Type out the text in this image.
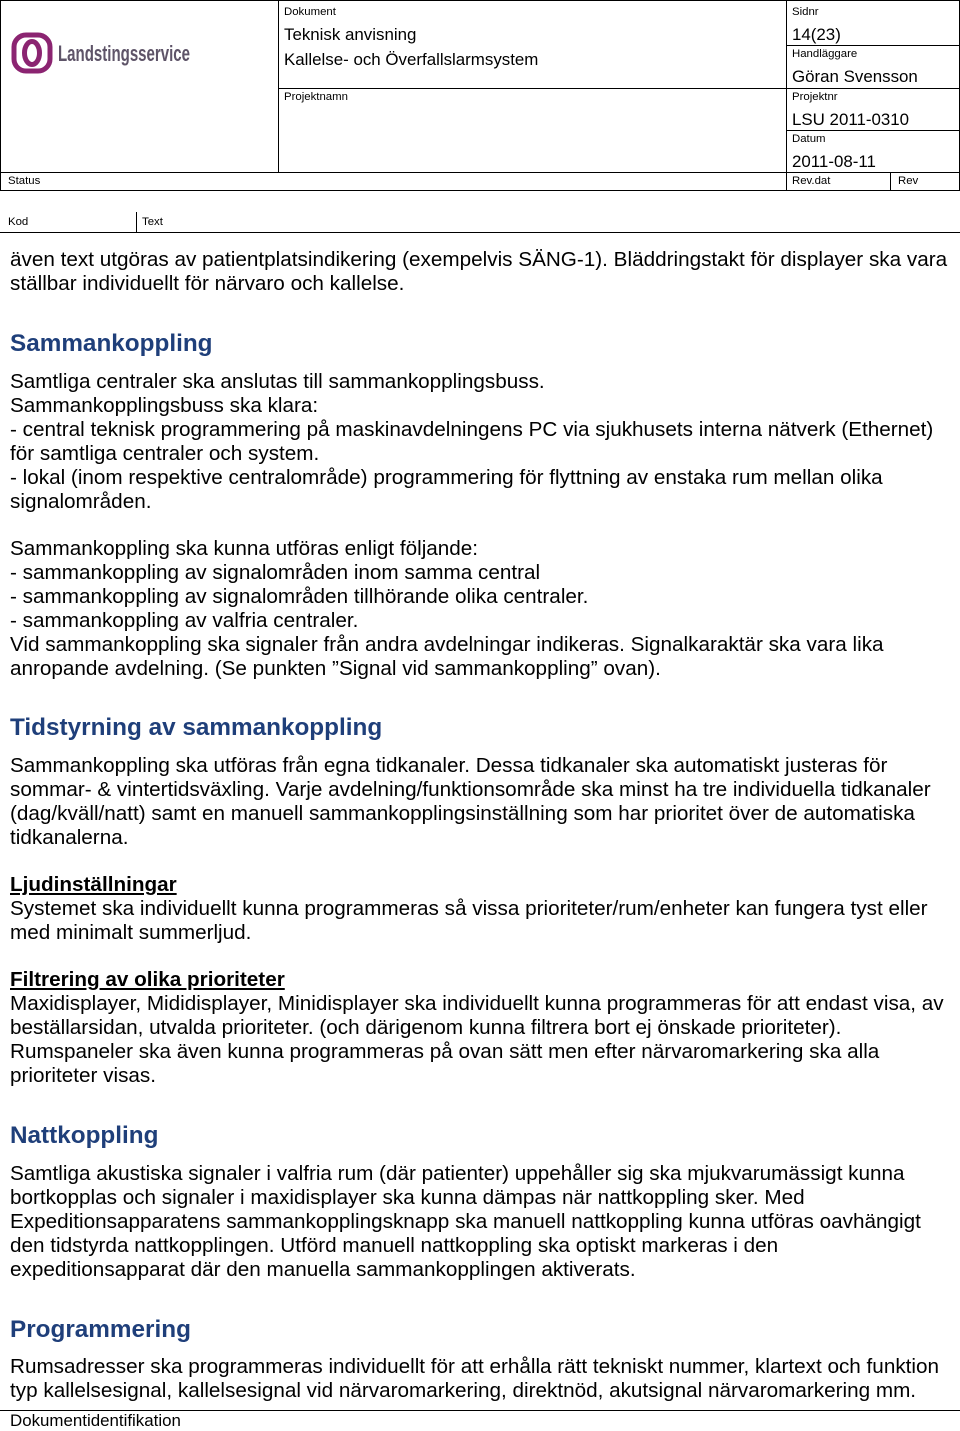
Landstingsservice
Dokument
Teknisk anvisning
Kallelse- och Överfallslarmsystem
Projektnamn
Sidnr
14(23)
Handläggare
Göran Svensson
Projektnr
LSU 2011-0310
Datum
2011-08-11
Status	Rev.dat	Rev
Kod	Text
även text utgöras av patientplatsindikering (exempelvis SÄNG-1). Bläddringstakt för displayer ska vara
ställbar individuellt för närvaro och kallelse.
Sammankoppling
Samtliga centraler ska anslutas till sammankopplingsbuss.
Sammankopplingsbuss ska klara:
- central teknisk programmering på maskinavdelningens PC via sjukhusets interna nätverk (Ethernet)
för samtliga centraler och system.
- lokal (inom respektive centralområde) programmering för flyttning av enstaka rum mellan olika
signalområden.
Sammankoppling ska kunna utföras enligt följande:
- sammankoppling av signalområden inom samma central
- sammankoppling av signalområden tillhörande olika centraler.
- sammankoppling av valfria centraler.
Vid sammankoppling ska signaler från andra avdelningar indikeras. Signalkaraktär ska vara lika
anropande avdelning. (Se punkten ”Signal vid sammankoppling” ovan).
Tidstyrning av sammankoppling
Sammankoppling ska utföras från egna tidkanaler. Dessa tidkanaler ska automatiskt justeras för
sommar- & vintertidsväxling. Varje avdelning/funktionsområde ska minst ha tre individuella tidkanaler
(dag/kväll/natt) samt en manuell sammankopplingsinställning som har prioritet över de automatiska
tidkanalerna.
Ljudinställningar
Systemet ska individuellt kunna programmeras så vissa prioriteter/rum/enheter kan fungera tyst eller
med minimalt summerljud.
Filtrering av olika prioriteter
Maxidisplayer, Mididisplayer, Minidisplayer ska individuellt kunna programmeras för att endast visa, av
beställarsidan, utvalda prioriteter. (och därigenom kunna filtrera bort ej önskade prioriteter).
Rumspaneler ska även kunna programmeras på ovan sätt men efter närvaromarkering ska alla
prioriteter visas.
Nattkoppling
Samtliga akustiska signaler i valfria rum (där patienter) uppehåller sig ska mjukvarumässigt kunna
bortkopplas och signaler i maxidisplayer ska kunna dämpas när nattkoppling sker. Med
Expeditionsapparatens sammankopplingsknapp ska manuell nattkoppling kunna utföras oavhängigt
den tidstyrda nattkopplingen. Utförd manuell nattkoppling ska optiskt markeras i den
expeditionsapparat där den manuella sammankopplingen aktiverats.
Programmering
Rumsadresser ska programmeras individuellt för att erhålla rätt tekniskt nummer, klartext och funktion
typ kallelsesignal, kallelsesignal vid närvaromarkering, direktnöd, akutsignal närvaromarkering mm.
Dokumentidentifikation
